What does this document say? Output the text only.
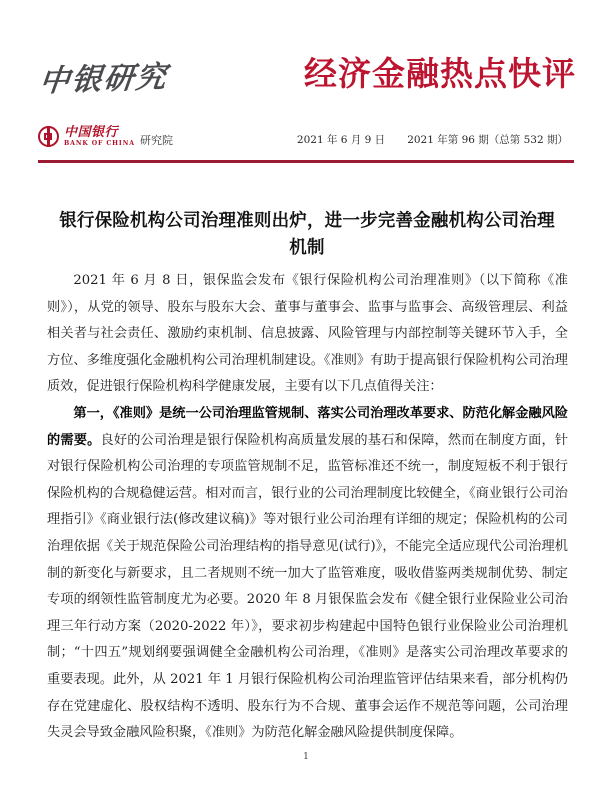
中银研究	经济金融热点快评
中国银行
BANK OF CHINA 研究院	2021 年 6 月 9 日 2021 年第 96 期（总第 532 期）
银行保险机构公司治理准则出炉，进一步完善金融机构公司治理机制

2021 年 6 月 8 日，银保监会发布《银行保险机构公司治理准则》（以下简称《准则》），从党的领导、股东与股东大会、董事与董事会、监事与监事会、高级管理层、利益相关者与社会责任、激励约束机制、信息披露、风险管理与内部控制等关键环节入手，全方位、多维度强化金融机构公司治理机制建设。《准则》有助于提高银行保险机构公司治理质效，促进银行保险机构科学健康发展，主要有以下几点值得关注：

第一，《准则》是统一公司治理监管规制、落实公司治理改革要求、防范化解金融风险的需要。良好的公司治理是银行保险机构高质量发展的基石和保障，然而在制度方面，针对银行保险机构公司治理的专项监管规制不足，监管标准还不统一，制度短板不利于银行保险机构的合规稳健运营。相对而言，银行业的公司治理制度比较健全，《商业银行公司治理指引》《商业银行法(修改建议稿)》等对银行业公司治理有详细的规定；保险机构的公司治理依据《关于规范保险公司治理结构的指导意见(试行)》，不能完全适应现代公司治理机制的新变化与新要求，且二者规则不统一加大了监管难度，吸收借鉴两类规制优势、制定专项的纲领性监管制度尤为必要。2020 年 8 月银保监会发布《健全银行业保险业公司治理三年行动方案（2020-2022 年）》，要求初步构建起中国特色银行业保险业公司治理机制；“十四五”规划纲要强调健全金融机构公司治理，《准则》是落实公司治理改革要求的重要表现。此外，从 2021 年 1 月银行保险机构公司治理监管评估结果来看，部分机构仍存在党建虚化、股权结构不透明、股东行为不合规、董事会运作不规范等问题，公司治理失灵会导致金融风险积聚，《准则》为防范化解金融风险提供制度保障。

1
